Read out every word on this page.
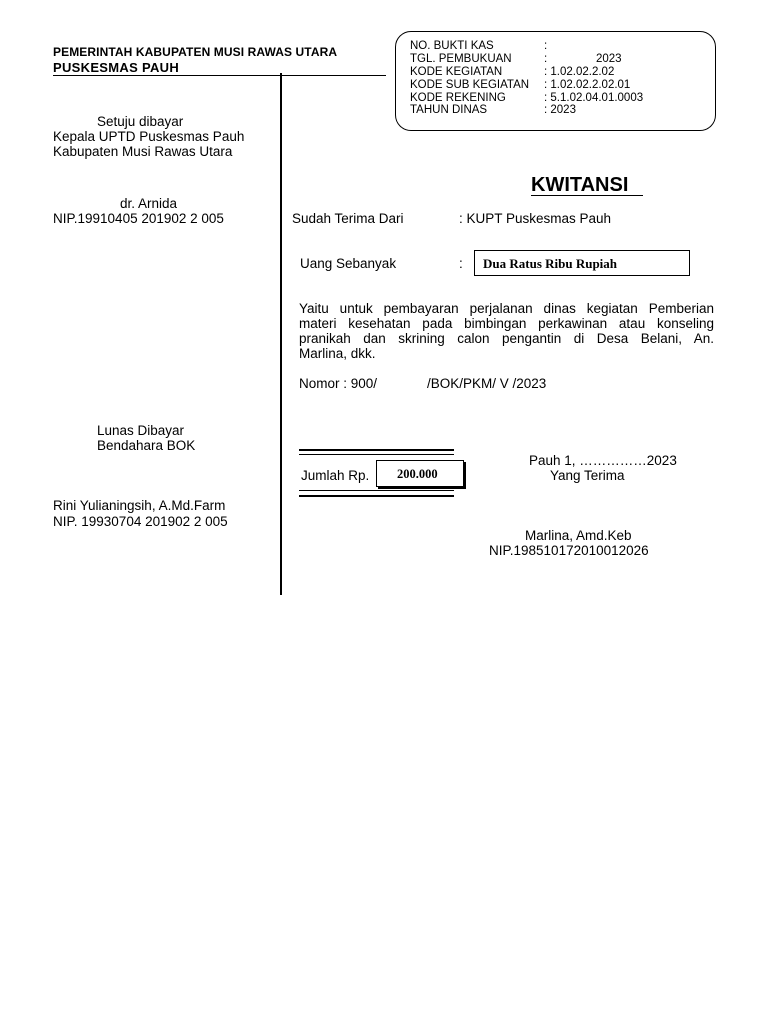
PEMERINTAH KABUPATEN MUSI RAWAS UTARA
PUSKESMAS PAUH
NO. BUKTI KAS	:
TGL. PEMBUKUAN	:	2023
KODE KEGIATAN	: 1.02.02.2.02
KODE SUB KEGIATAN : 1.02.02.2.02.01
KODE REKENING	: 5.1.02.04.01.0003
TAHUN DINAS	: 2023
Setuju dibayar
Kepala UPTD Puskesmas Pauh
Kabupaten Musi Rawas Utara
dr. Arnida
NIP.19910405 201902 2 005
Lunas Dibayar
Bendahara BOK
Rini Yulianingsih, A.Md.Farm
NIP. 19930704 201902 2 005
KWITANSI
Sudah Terima Dari	: KUPT Puskesmas Pauh
Uang Sebanyak	: Dua Ratus Ribu Rupiah
Yaitu untuk pembayaran perjalanan dinas kegiatan Pemberian
materi kesehatan pada bimbingan perkawinan atau konseling
pranikah dan skrining calon pengantin di Desa Belani, An.
Marlina, dkk.
Nomor : 900/	/BOK/PKM/ V /2023
Jumlah Rp. 200.000
Pauh 1, ……………2023
Yang Terima
Marlina, Amd.Keb
NIP.198510172010012026
